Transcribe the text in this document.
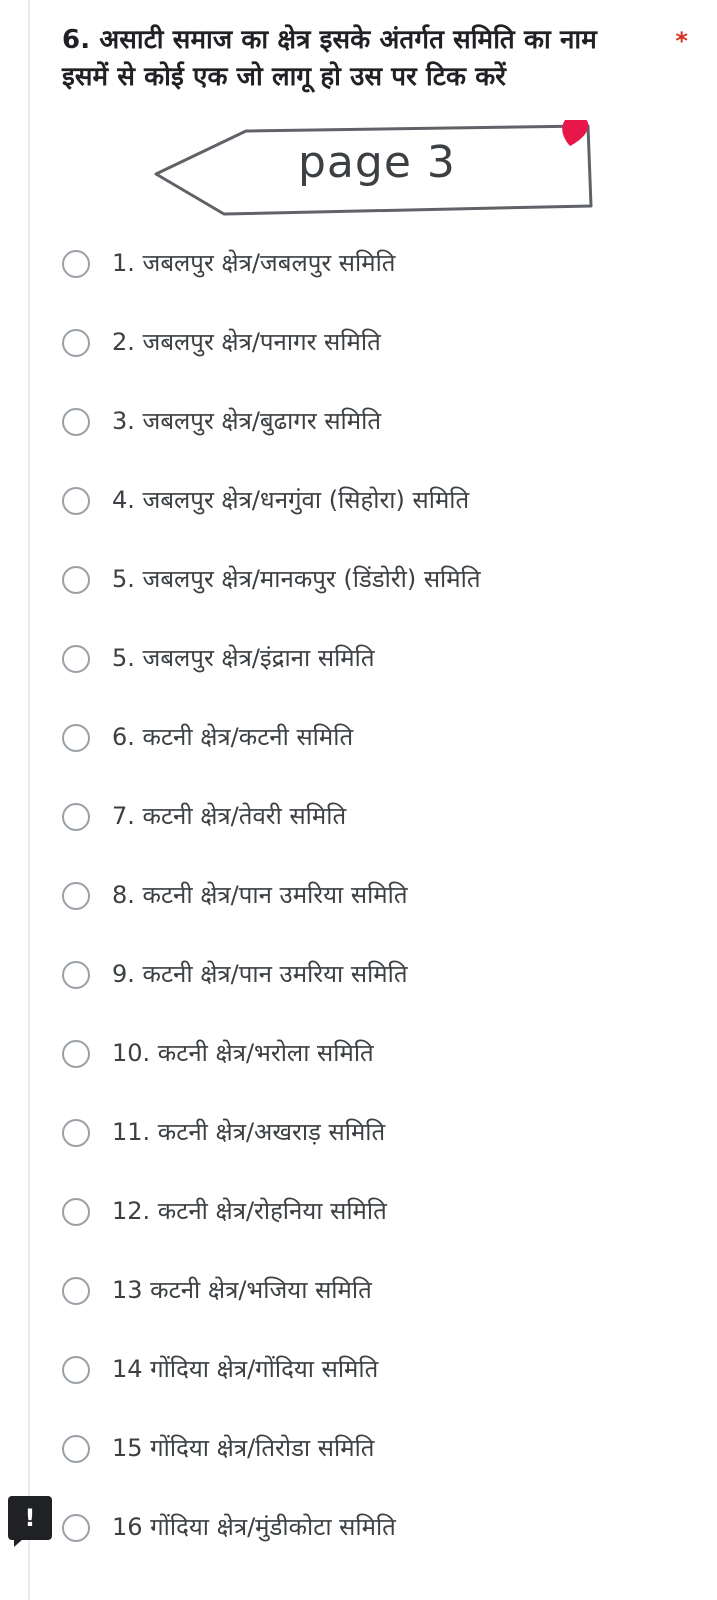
6. असाटी समाज का क्षेत्र इसके अंतर्गत समिति का नाम इसमें से कोई एक जो लागू हो उस पर टिक करें
*
page 3
1. जबलपुर क्षेत्र/जबलपुर समिति
2. जबलपुर क्षेत्र/पनागर समिति
3. जबलपुर क्षेत्र/बुढागर समिति
4. जबलपुर क्षेत्र/धनगुंवा (सिहोरा) समिति
5. जबलपुर क्षेत्र/मानकपुर (डिंडोरी) समिति
5. जबलपुर क्षेत्र/इंद्राना समिति
6. कटनी क्षेत्र/कटनी समिति
7. कटनी क्षेत्र/तेवरी समिति
8. कटनी क्षेत्र/पान उमरिया समिति
9. कटनी क्षेत्र/पान उमरिया समिति
10. कटनी क्षेत्र/भरोला समिति
11. कटनी क्षेत्र/अखराड़ समिति
12. कटनी क्षेत्र/रोहनिया समिति
13 कटनी क्षेत्र/भजिया समिति
14 गोंदिया क्षेत्र/गोंदिया समिति
15 गोंदिया क्षेत्र/तिरोडा समिति
16 गोंदिया क्षेत्र/मुंडीकोटा समिति
!
